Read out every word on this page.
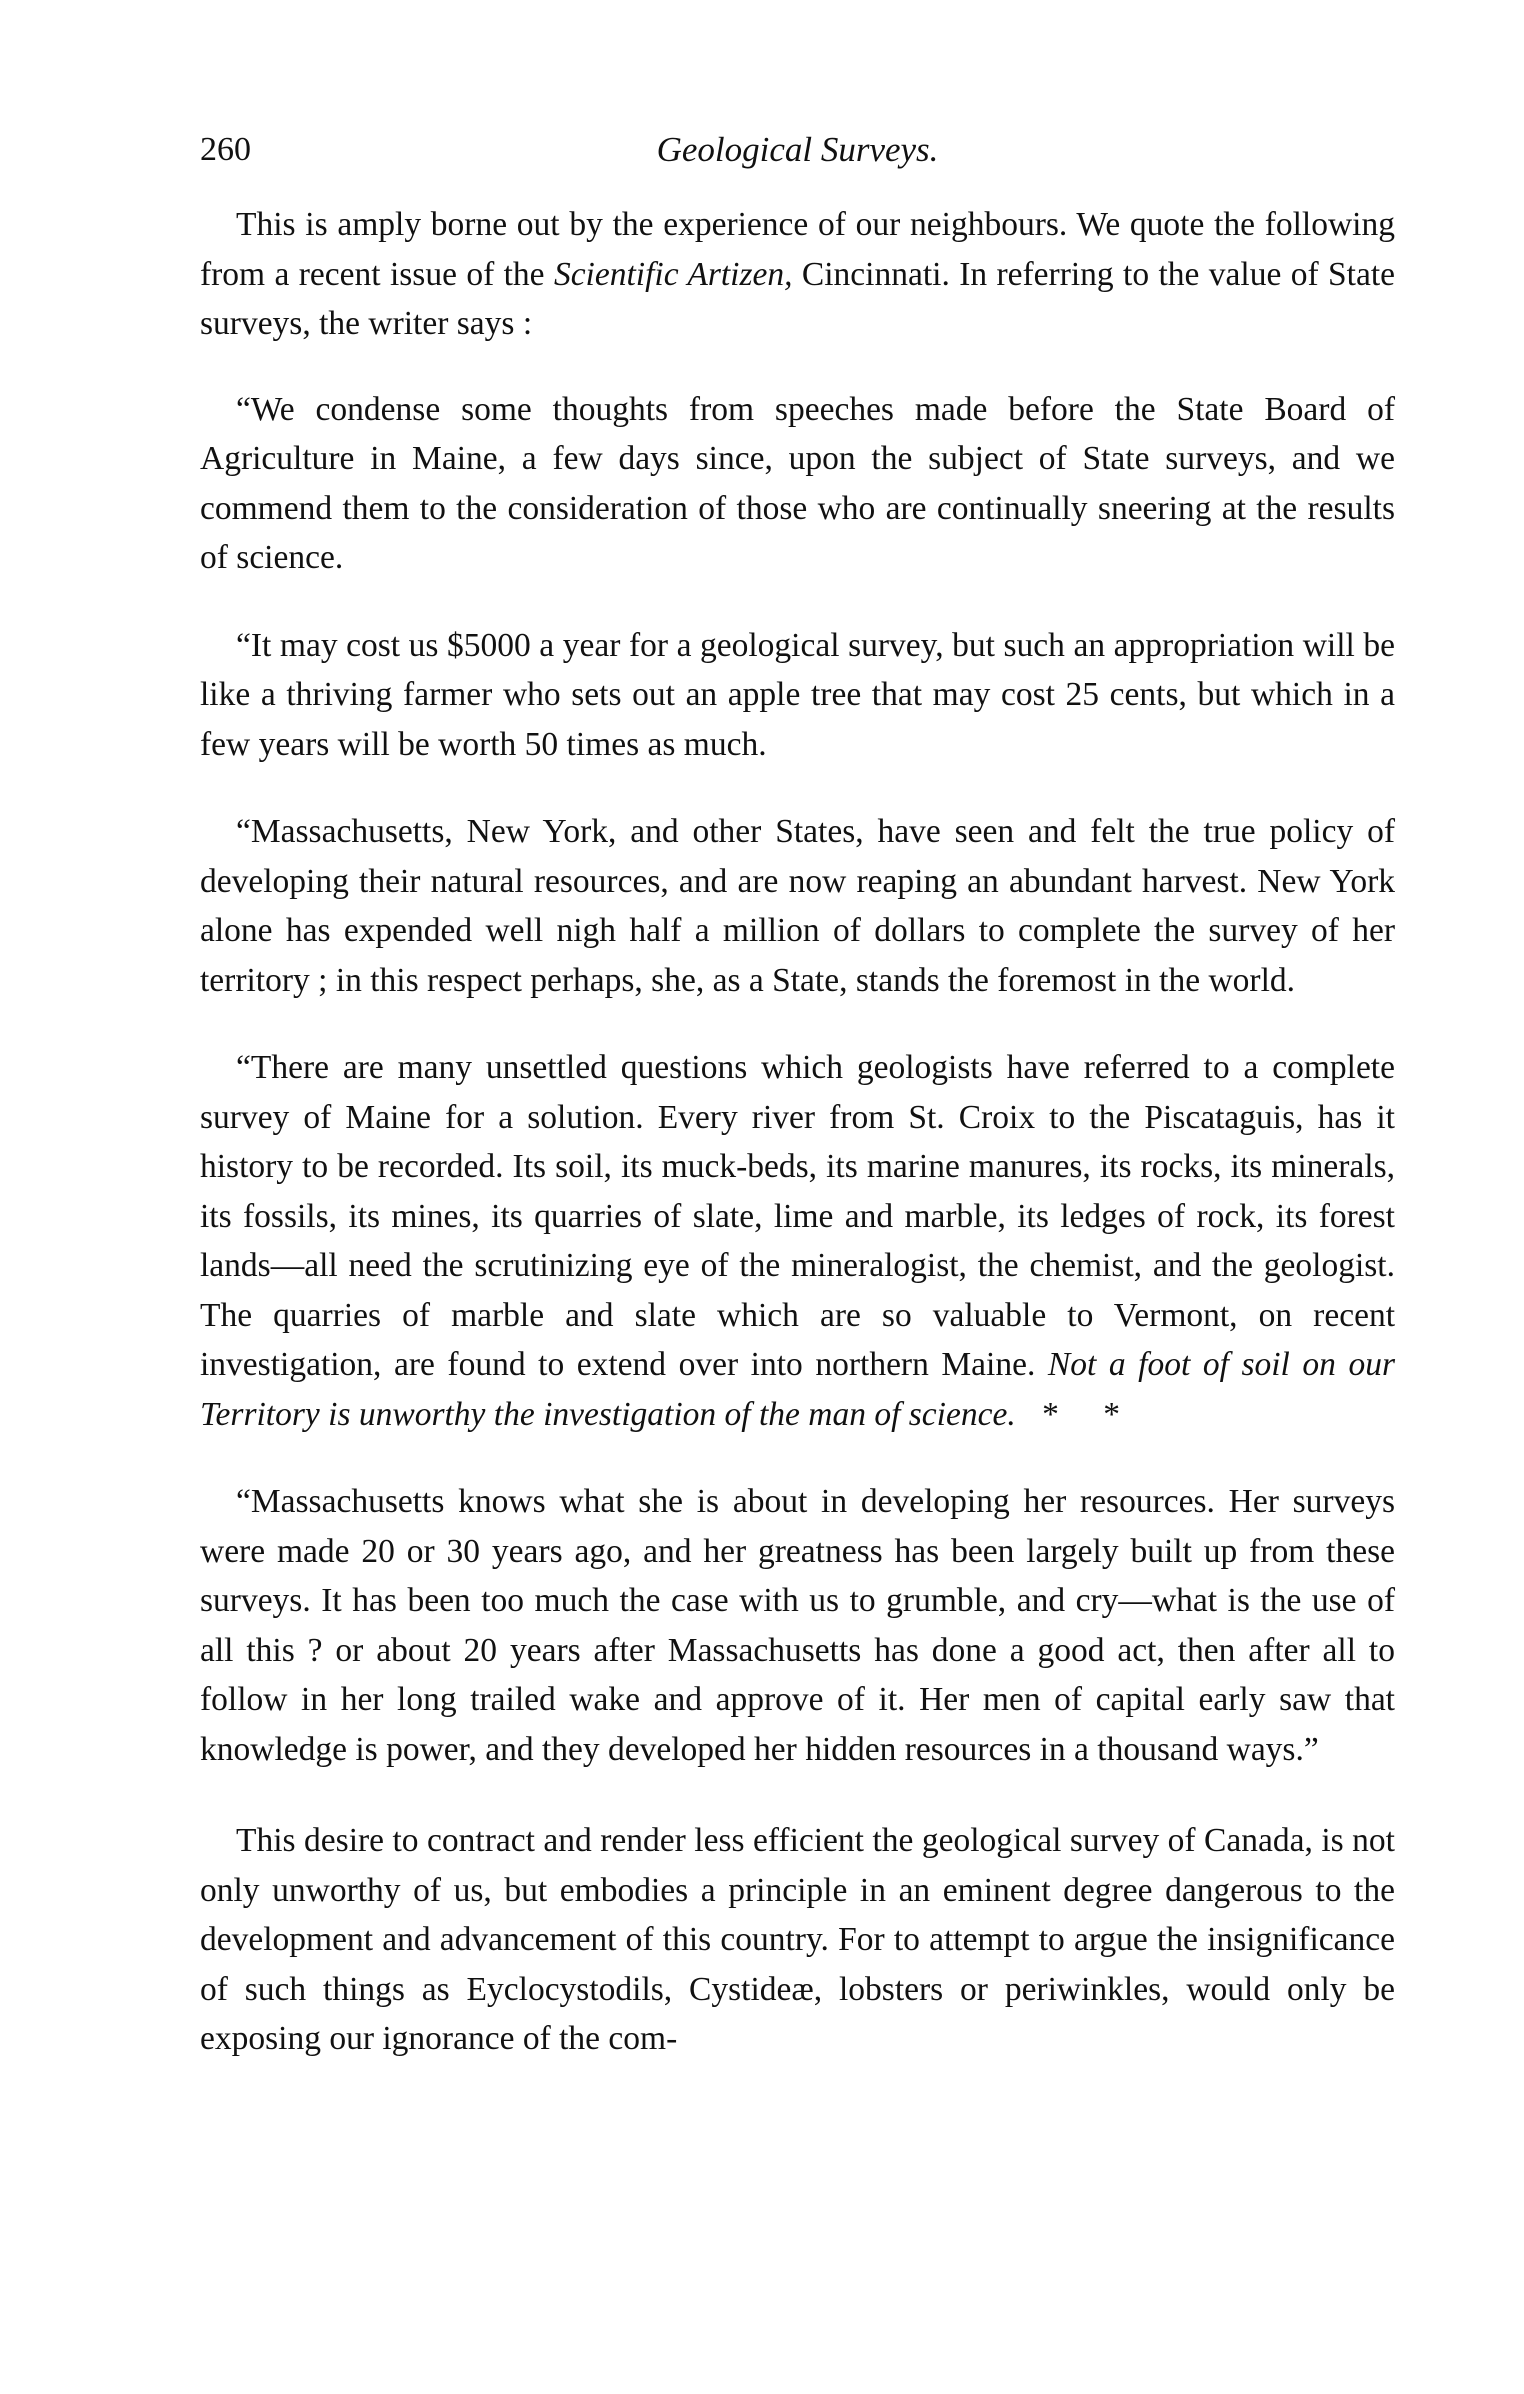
260	Geological Surveys.

This is amply borne out by the experience of our neighbours. We quote the following from a recent issue of the Scientific Artizen, Cincinnati. In referring to the value of State surveys, the writer says :

“We condense some thoughts from speeches made before the State Board of Agriculture in Maine, a few days since, upon the subject of State surveys, and we commend them to the consideration of those who are continually sneering at the results of science.

“It may cost us $5000 a year for a geological survey, but such an appropriation will be like a thriving farmer who sets out an apple tree that may cost 25 cents, but which in a few years will be worth 50 times as much.

“Massachusetts, New York, and other States, have seen and felt the true policy of developing their natural resources, and are now reaping an abundant harvest. New York alone has expended well nigh half a million of dollars to complete the survey of her territory ; in this respect perhaps, she, as a State, stands the foremost in the world.

“There are many unsettled questions which geologists have referred to a complete survey of Maine for a solution. Every river from St. Croix to the Piscataguis, has it history to be recorded. Its soil, its muck-beds, its marine manures, its rocks, its minerals, its fossils, its mines, its quarries of slate, lime and marble, its ledges of rock, its forest lands—all need the scrutinizing eye of the mineralogist, the chemist, and the geologist. The quarries of marble and slate which are so valuable to Vermont, on recent investigation, are found to extend over into northern Maine. Not a foot of soil on our Territory is unworthy the investigation of the man of science. * *

“Massachusetts knows what she is about in developing her resources. Her surveys were made 20 or 30 years ago, and her greatness has been largely built up from these surveys. It has been too much the case with us to grumble, and cry—what is the use of all this ? or about 20 years after Massachusetts has done a good act, then after all to follow in her long trailed wake and approve of it. Her men of capital early saw that knowledge is power, and they developed her hidden resources in a thousand ways.”

This desire to contract and render less efficient the geological survey of Canada, is not only unworthy of us, but embodies a principle in an eminent degree dangerous to the development and advancement of this country. For to attempt to argue the insignificance of such things as Eyclocystodils, Cystideæ, lobsters or periwinkles, would only be exposing our ignorance of the com-
